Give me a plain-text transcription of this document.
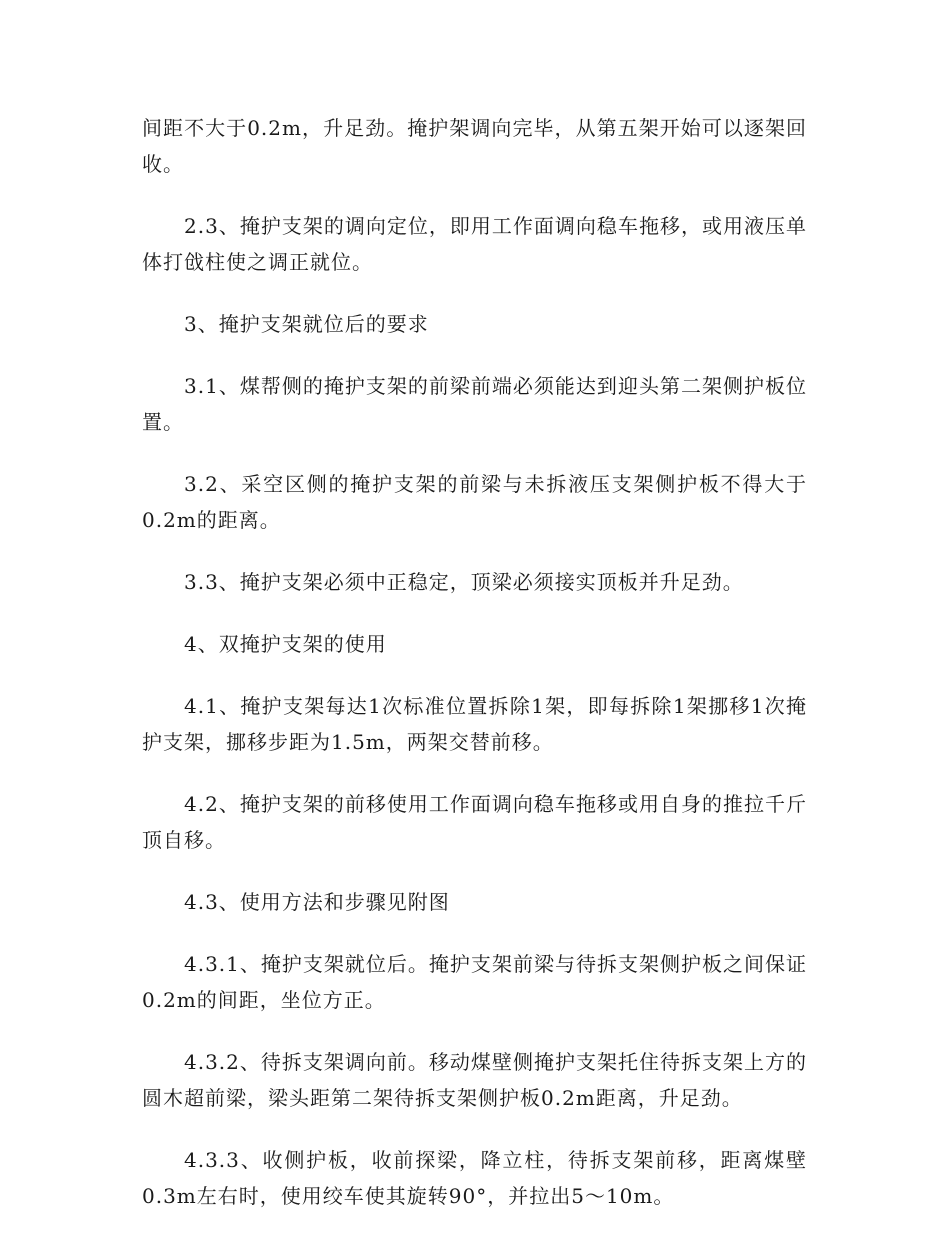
间距不大于0.2m，升足劲。掩护架调向完毕，从第五架开始可以逐架回收。

2.3、掩护支架的调向定位，即用工作面调向稳车拖移，或用液压单体打戗柱使之调正就位。

3、掩护支架就位后的要求

3.1、煤帮侧的掩护支架的前梁前端必须能达到迎头第二架侧护板位置。

3.2、采空区侧的掩护支架的前梁与未拆液压支架侧护板不得大于0.2m的距离。

3.3、掩护支架必须中正稳定，顶梁必须接实顶板并升足劲。

4、双掩护支架的使用

4.1、掩护支架每达1次标准位置拆除1架，即每拆除1架挪移1次掩护支架，挪移步距为1.5m，两架交替前移。

4.2、掩护支架的前移使用工作面调向稳车拖移或用自身的推拉千斤顶自移。

4.3、使用方法和步骤见附图

4.3.1、掩护支架就位后。掩护支架前梁与待拆支架侧护板之间保证0.2m的间距，坐位方正。

4.3.2、待拆支架调向前。移动煤壁侧掩护支架托住待拆支架上方的圆木超前梁，梁头距第二架待拆支架侧护板0.2m距离，升足劲。

4.3.3、收侧护板，收前探梁，降立柱，待拆支架前移，距离煤壁0.3m左右时，使用绞车使其旋转90°，并拉出5～10m。
